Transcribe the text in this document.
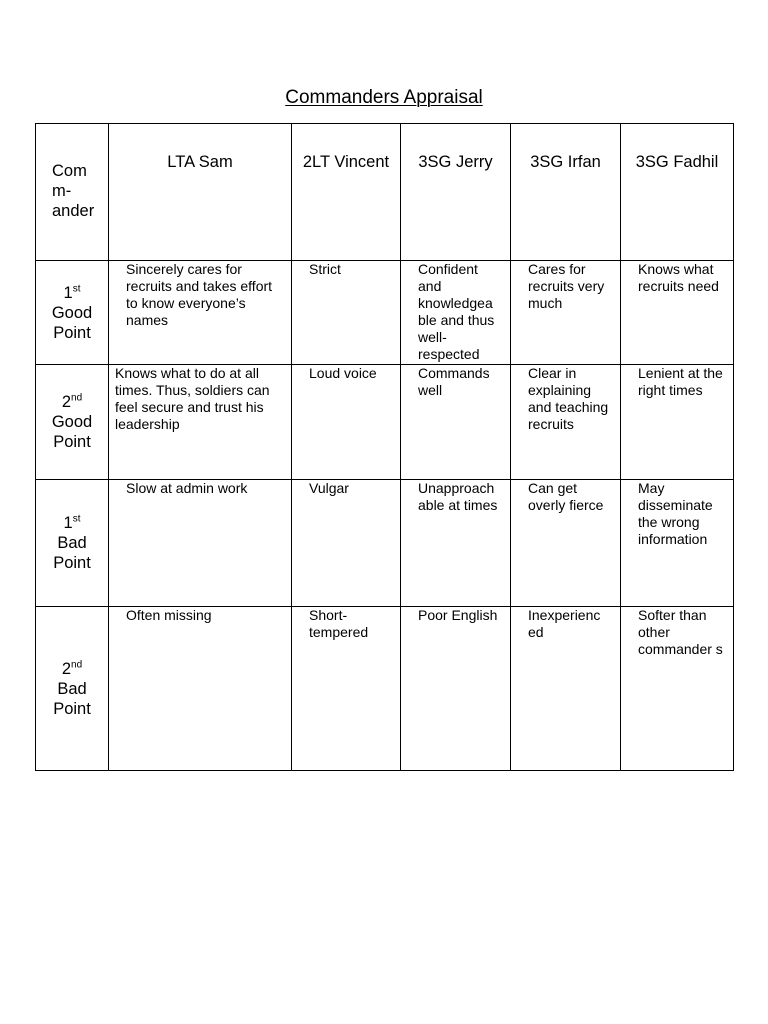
Commanders Appraisal
Com
m-
ander	LTA Sam	2LT Vincent	3SG Jerry	3SG Irfan	3SG Fadhil

1st
Good
Point	Sincerely cares for recruits and takes effort to know everyone’s names	Strict	Confident and knowledgea ble and thus well-respected	Cares for recruits very much	Knows what recruits need

2nd
Good
Point	Knows what to do at all times. Thus, soldiers can feel secure and trust his leadership	Loud voice	Commands well	Clear in explaining and teaching recruits	Lenient at the right times

1st
Bad
Point	Slow at admin work	Vulgar	Unapproach able at times	Can get overly fierce	May disseminate the wrong information

2nd
Bad
Point	Often missing	Short-tempered	Poor English	Inexperienc ed	Softer than other commander s
